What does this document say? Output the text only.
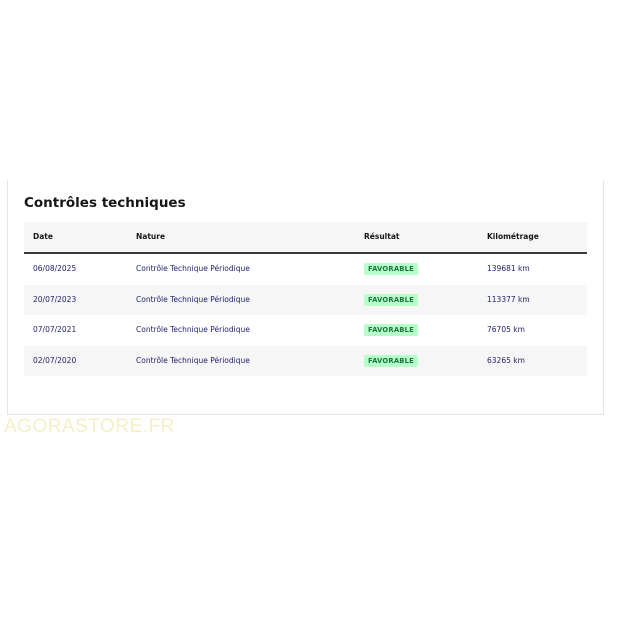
Contrôles techniques
Date	Nature	Résultat	Kilométrage
06/08/2025	Contrôle Technique Périodique	FAVORABLE	139681 km
20/07/2023	Contrôle Technique Périodique	FAVORABLE	113377 km
07/07/2021	Contrôle Technique Périodique	FAVORABLE	76705 km
02/07/2020	Contrôle Technique Périodique	FAVORABLE	63265 km
AGORASTORE.FR
